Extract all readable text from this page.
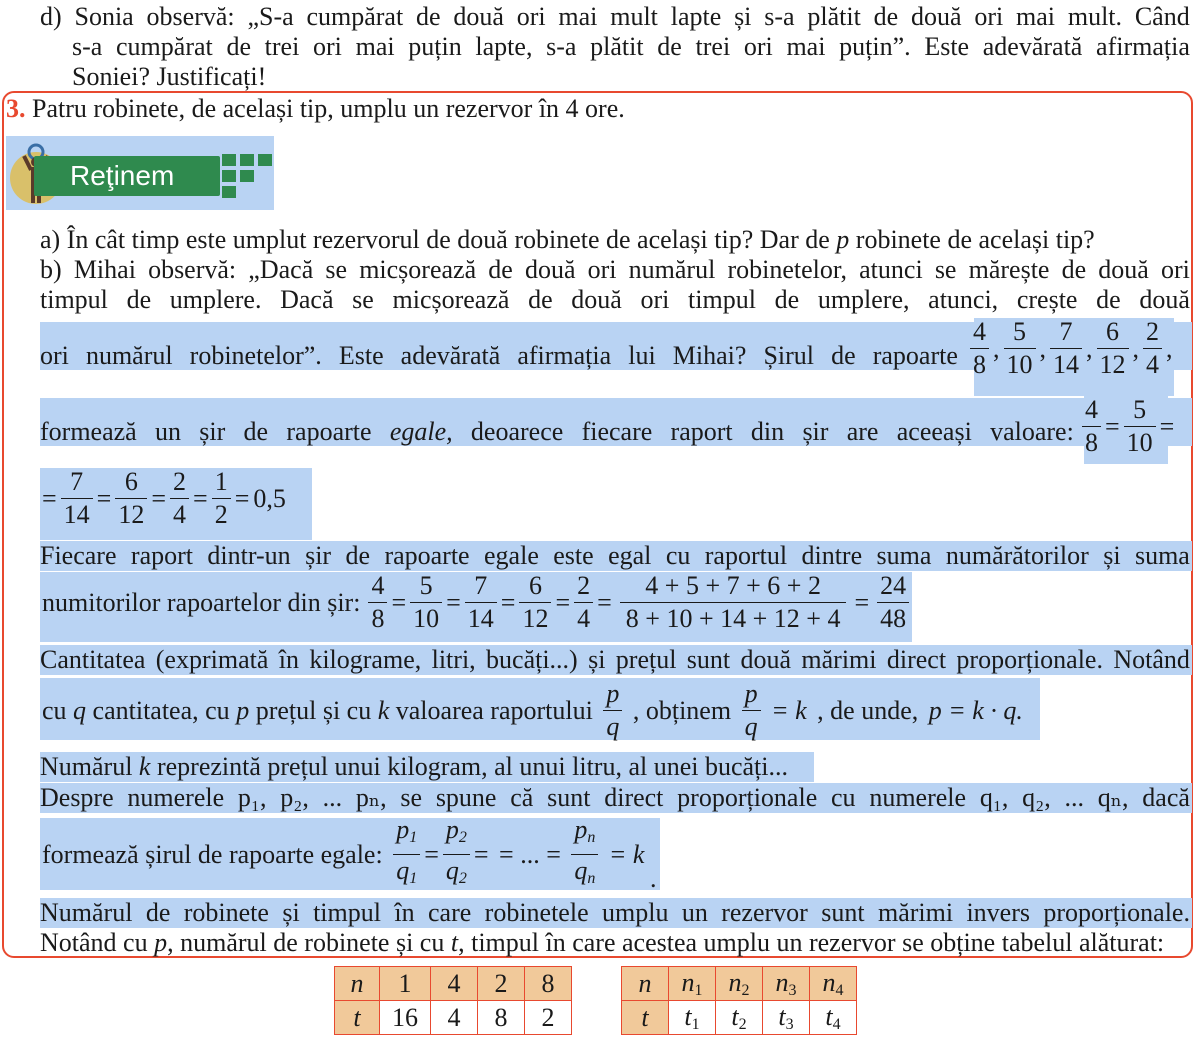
d) Sonia observă: „S-a cumpărat de două ori mai mult lapte și s-a plătit de două ori mai mult. Când
s-a cumpărat de trei ori mai puțin lapte, s-a plătit de trei ori mai puțin”. Este adevărată afirmația
Soniei? Justificați!
3. Patru robinete, de același tip, umplu un rezervor în 4 ore.
Reţinem
a) În cât timp este umplut rezervorul de două robinete de același tip? Dar de p robinete de același tip?
b) Mihai observă: „Dacă se micșorează de două ori numărul robinetelor, atunci se mărește de două ori
timpul de umplere. Dacă se micșorează de două ori timpul de umplere, atunci, crește de două
ori numărul robinetelor”. Este adevărată afirmația lui Mihai? Șirul de rapoarte $\frac{4}{8}$ , $\frac{5}{10}$ , $\frac{7}{14}$ , $\frac{6}{12}$ , $\frac{2}{4}$ ,
formează un șir de rapoarte egale, deoarece fiecare raport din șir are aceeași valoare: $\frac{4}{8} = \frac{5}{10}$ =
= $\frac{7}{14} = \frac{6}{12} = \frac{2}{4} = \frac{1}{2} = 0,5$
Fiecare raport dintr-un șir de rapoarte egale este egal cu raportul dintre suma numărătorilor și suma
numitorilor rapoartelor din șir: $\frac{4}{8} = \frac{5}{10} = \frac{7}{14} = \frac{6}{12} = \frac{2}{4} = \frac{4 + 5 + 7 + 6 + 2}{8 + 10 + 14 + 12 + 4} = \frac{24}{48}$
Cantitatea (exprimată în kilograme, litri, bucăți...) și prețul sunt două mărimi direct proporționale. Notând
cu q cantitatea, cu p prețul și cu k valoarea raportului $\frac{p}{q}$ , obținem $\frac{p}{q} = k$ , de unde, p = k · q.
Numărul k reprezintă prețul unui kilogram, al unui litru, al unei bucăți...
Despre numerele p₁, p₂, ... pₙ, se spune că sunt direct proporționale cu numerele q₁, q₂, ... qₙ, dacă
formează șirul de rapoarte egale: $\frac{p_1}{q_1} = \frac{p_2}{q_2}$ = = ... = $\frac{p_n}{q_n} = k$
.
Numărul de robinete și timpul în care robinetele umplu un rezervor sunt mărimi invers proporționale.
Notând cu p, numărul de robinete și cu t, timpul în care acestea umplu un rezervor se obține tabelul alăturat:
n	1	4	2	8
t	16	4	8	2
n	$n_1$	$n_2$	$n_3$	$n_4$
t	$t_1$	$t_2$	$t_3$	$t_4$
